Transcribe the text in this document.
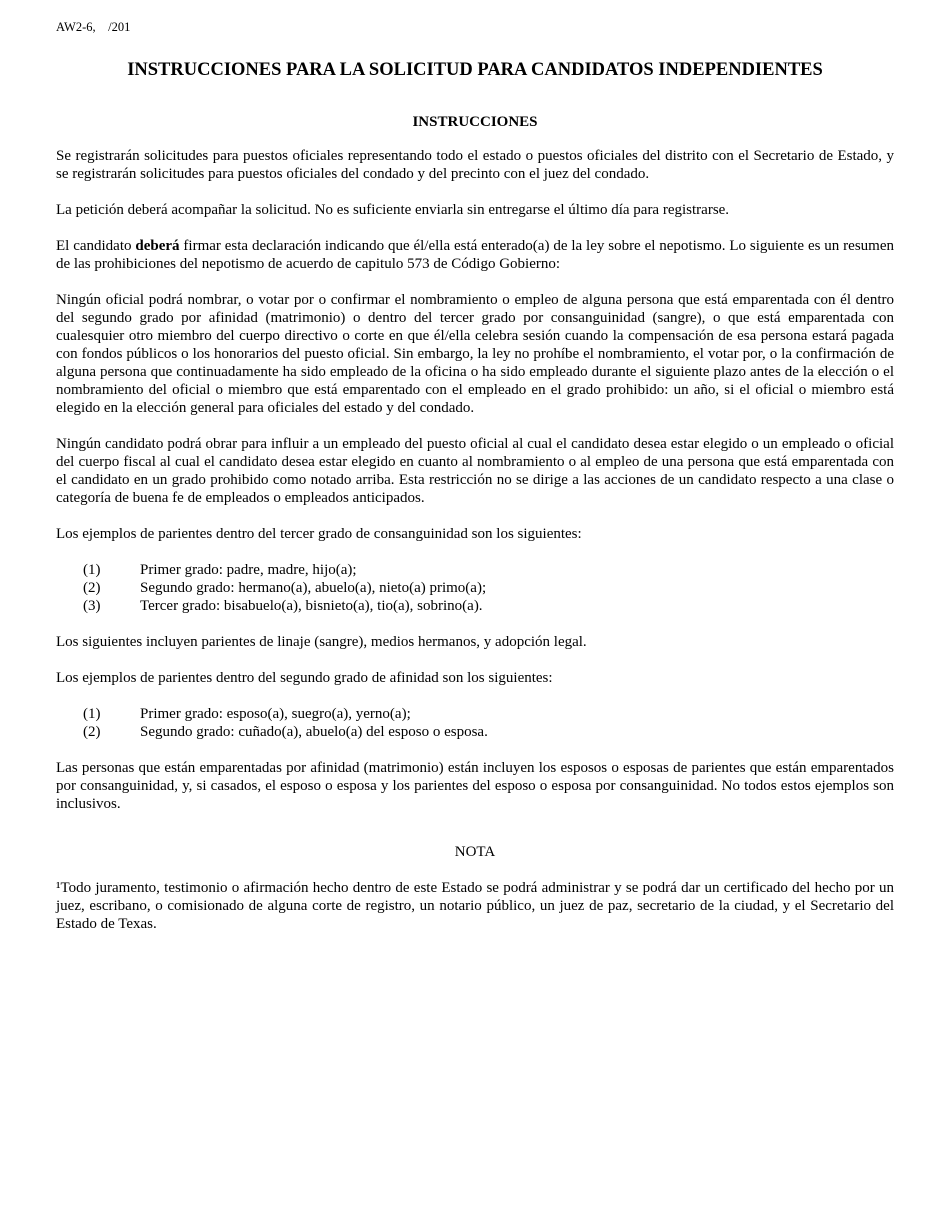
AW2-6,    /201
INSTRUCCIONES PARA LA SOLICITUD PARA CANDIDATOS INDEPENDIENTES
INSTRUCCIONES

Se registrarán solicitudes para puestos oficiales representando todo el estado o puestos oficiales del distrito con el Secretario de Estado, y se registrarán solicitudes para puestos oficiales del condado y del precinto con el juez del condado.

La petición deberá acompañar la solicitud. No es suficiente enviarla sin entregarse el último día para registrarse.

El candidato deberá firmar esta declaración indicando que él/ella está enterado(a) de la ley sobre el nepotismo. Lo siguiente es un resumen de las prohibiciones del nepotismo de acuerdo de capitulo 573 de Código Gobierno:

Ningún oficial podrá nombrar, o votar por o confirmar el nombramiento o empleo de alguna persona que está emparentada con él dentro del segundo grado por afinidad (matrimonio) o dentro del tercer grado por consanguinidad (sangre), o que está emparentada con cualesquier otro miembro del cuerpo directivo o corte en que él/ella celebra sesión cuando la compensación de esa persona estará pagada con fondos públicos o los honorarios del puesto oficial. Sin embargo, la ley no prohíbe el nombramiento, el votar por, o la confirmación de alguna persona que continuadamente ha sido empleado de la oficina o ha sido empleado durante el siguiente plazo antes de la elección o el nombramiento del oficial o miembro que está emparentado con el empleado en el grado prohibido: un año, si el oficial o miembro está elegido en la elección general para oficiales del estado y del condado.

Ningún candidato podrá obrar para influir a un empleado del puesto oficial al cual el candidato desea estar elegido o un empleado o oficial del cuerpo fiscal al cual el candidato desea estar elegido en cuanto al nombramiento o al empleo de una persona que está emparentada con el candidato en un grado prohibido como notado arriba. Esta restricción no se dirige a las acciones de un candidato respecto a una clase o categoría de buena fe de empleados o empleados anticipados.

Los ejemplos de parientes dentro del tercer grado de consanguinidad son los siguientes:

(1)	Primer grado: padre, madre, hijo(a);
(2)	Segundo grado: hermano(a), abuelo(a), nieto(a) primo(a);
(3)	Tercer grado: bisabuelo(a), bisnieto(a), tio(a), sobrino(a).

Los siguientes incluyen parientes de linaje (sangre), medios hermanos, y adopción legal.

Los ejemplos de parientes dentro del segundo grado de afinidad son los siguientes:

(1)	Primer grado: esposo(a), suegro(a), yerno(a);
(2)	Segundo grado: cuñado(a), abuelo(a) del esposo o esposa.

Las personas que están emparentadas por afinidad (matrimonio) están incluyen los esposos o esposas de parientes que están emparentados por consanguinidad, y, si casados, el esposo o esposa y los parientes del esposo o esposa por consanguinidad. No todos estos ejemplos son inclusivos.

NOTA

¹Todo juramento, testimonio o afirmación hecho dentro de este Estado se podrá administrar y se podrá dar un certificado del hecho por un juez, escribano, o comisionado de alguna corte de registro, un notario público, un juez de paz, secretario de la ciudad, y el Secretario del Estado de Texas.
